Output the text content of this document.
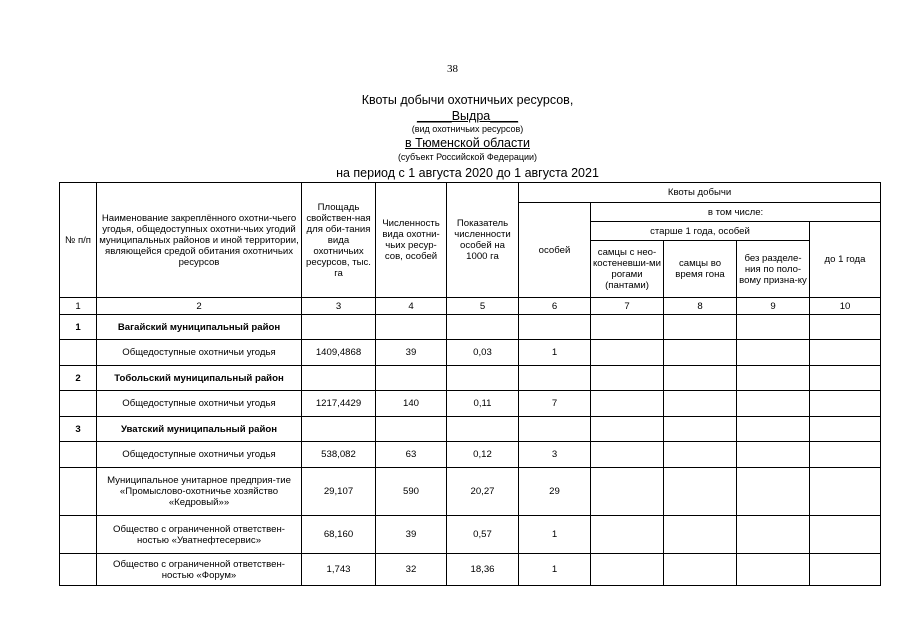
38
Квоты добычи охотничьих ресурсов,
_____Выдра____
(вид охотничьих ресурсов)
в Тюменской области
(субъект Российской Федерации)
на период с 1 августа 2020 до 1 августа 2021
№ п/п	Наименование закреплённого охотни-чьего угодья, общедоступных охотни-чьих угодий муниципальных районов и иной территории, являющейся средой обитания охотничьих ресурсов	Площадь свойствен-ная для оби-тания вида охотничьих ресурсов, тыс. га	Численность вида охотни-чьих ресур-сов, особей	Показатель численности особей на 1000 га	Квоты добычи				
					особей	в том числе:			
						старше 1 года, особей			до 1 года
						самцы с нео-костеневши-ми рогами (пантами)	самцы во время гона	без разделе-ния по поло-вому призна-ку	
1	2	3	4	5	6	7	8	9	10
1	Вагайский муниципальный район								
	Общедоступные охотничьи угодья	1409,4868	39	0,03	1				
2	Тобольский муниципальный район								
	Общедоступные охотничьи угодья	1217,4429	140	0,11	7				
3	Уватский муниципальный район								
	Общедоступные охотничьи угодья	538,082	63	0,12	3				
	Муниципальное унитарное предприя-тие «Промыслово-охотничье хозяйство «Кедровый»»	29,107	590	20,27	29				
	Общество с ограниченной ответствен-ностью «Уватнефтесервис»	68,160	39	0,57	1				
	Общество с ограниченной ответствен-ностью «Форум»	1,743	32	18,36	1				
